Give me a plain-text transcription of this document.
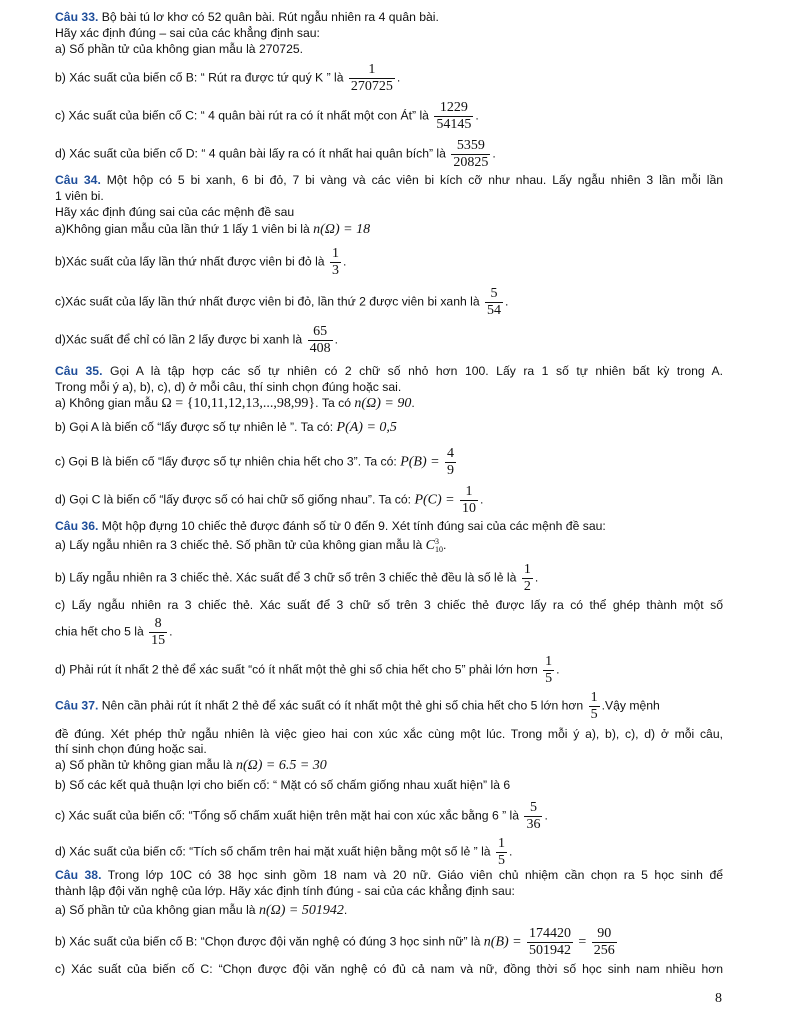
Câu 33. Bộ bài tú lơ khơ có 52 quân bài. Rút ngẫu nhiên ra 4 quân bài.
Hãy xác định đúng – sai của các khẳng định sau:
a) Số phần tử của không gian mẫu là 270725.
b) Xác suất của biến cố B: “ Rút ra được tứ quý K ” là $\frac{1}{270725}$ .
c) Xác suất của biến cố C: “ 4 quân bài rút ra có ít nhất một con Át” là $\frac{1229}{54145}$ .
d) Xác suất của biến cố D: “ 4 quân bài lấy ra có ít nhất hai quân bích” là $\frac{5359}{20825}$ .
Câu 34. Một hộp có 5 bi xanh, 6 bi đỏ, 7 bi vàng và các viên bi kích cỡ như nhau. Lấy ngẫu nhiên 3 lần mỗi lần
1 viên bi.
Hãy xác định đúng sai của các mệnh đề sau
a)Không gian mẫu của lần thứ 1 lấy 1 viên bi là n(Ω) = 18
b)Xác suất của lấy lần thứ nhất được viên bi đỏ là $\frac{1}{3}$ .
c)Xác suất của lấy lần thứ nhất được viên bi đỏ, lần thứ 2 được viên bi xanh là $\frac{5}{54}$ .
d)Xác suất để chỉ có lần 2 lấy được bi xanh là $\frac{65}{408}$ .
Câu 35. Gọi A là tập hợp các số tự nhiên có 2 chữ số nhỏ hơn 100. Lấy ra 1 số tự nhiên bất kỳ trong A.
Trong mỗi ý a), b), c), d) ở mỗi câu, thí sinh chọn đúng hoặc sai.
a) Không gian mẫu Ω = {10,11,12,13,...,98,99}. Ta có n(Ω) = 90.
b) Gọi A là biến cố “lấy được số tự nhiên lẻ ”. Ta có: P(A) = 0,5
c) Gọi B là biến cố “lấy được số tự nhiên chia hết cho 3”. Ta có: $P(B) = \frac{4}{9}$
d) Gọi C là biến cố “lấy được số có hai chữ số giống nhau”. Ta có: $P(C) = \frac{1}{10}$ .
Câu 36. Một hộp đựng 10 chiếc thẻ được đánh số từ 0 đến 9. Xét tính đúng sai của các mệnh đề sau:
a) Lấy ngẫu nhiên ra 3 chiếc thẻ. Số phần tử của không gian mẫu là C 3
10 .
b) Lấy ngẫu nhiên ra 3 chiếc thẻ. Xác suất để 3 chữ số trên 3 chiếc thẻ đều là số lẻ là $\frac{1}{2}$ .
c) Lấy ngẫu nhiên ra 3 chiếc thẻ. Xác suất để 3 chữ số trên 3 chiếc thẻ được lấy ra có thể ghép thành một số
chia hết cho 5 là $\frac{8}{15}$ .
d) Phải rút ít nhất 2 thẻ để xác suất “có ít nhất một thẻ ghi số chia hết cho 5” phải lớn hơn $\frac{1}{5}$ .
Câu 37. Nên cần phải rút ít nhất 2 thẻ để xác suất có ít nhất một thẻ ghi số chia hết cho 5 lớn hơn $\frac{1}{5}$ .Vậy mệnh
đề đúng. Xét phép thử ngẫu nhiên là việc gieo hai con xúc xắc cùng một lúc. Trong mỗi ý a), b), c), d) ở mỗi câu,
thí sinh chọn đúng hoặc sai.
a) Số phần tử không gian mẫu là n(Ω) = 6.5 = 30
b) Số các kết quả thuận lợi cho biến cố: “ Mặt có số chấm giống nhau xuất hiện” là 6
c) Xác suất của biến cố: “Tổng số chấm xuất hiện trên mặt hai con xúc xắc bằng 6 ” là $\frac{5}{36}$ .
d) Xác suất của biến cố: “Tích số chấm trên hai mặt xuất hiện bằng một số lẻ ” là $\frac{1}{5}$ .
Câu 38. Trong lớp 10C có 38 học sinh gồm 18 nam và 20 nữ. Giáo viên chủ nhiệm cần chọn ra 5 học sinh để
thành lập đội văn nghệ của lớp. Hãy xác định tính đúng - sai của các khẳng định sau:
a) Số phần tử của không gian mẫu là n(Ω) = 501942.
b) Xác suất của biến cố B: “Chọn được đội văn nghệ có đúng 3 học sinh nữ” là $n(B) = \frac{174420}{501942} = \frac{90}{256}$
c) Xác suất của biến cố C: “Chọn được đội văn nghệ có đủ cả nam và nữ, đồng thời số học sinh nam nhiều hơn
8
